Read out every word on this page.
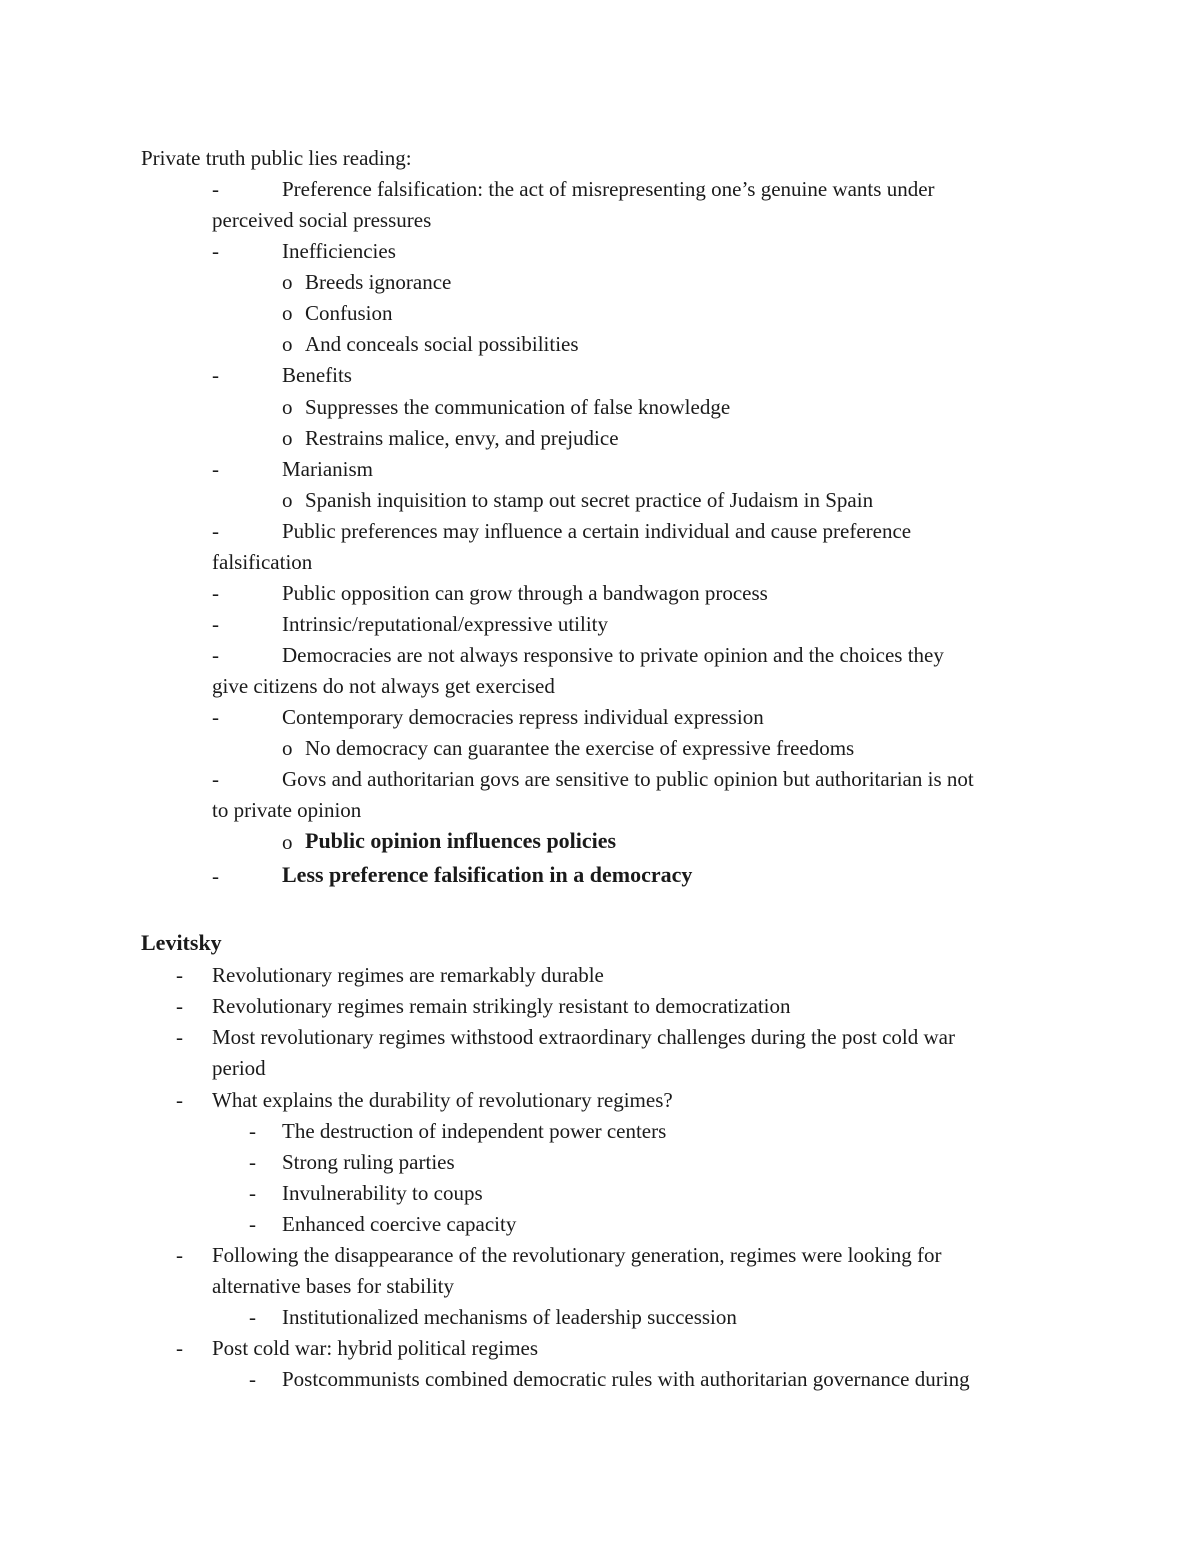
Private truth public lies reading:
-	Preference falsification: the act of misrepresenting one’s genuine wants under
perceived social pressures
-	Inefficiencies
o Breeds ignorance
o Confusion
o And conceals social possibilities
-	Benefits
o Suppresses the communication of false knowledge
o Restrains malice, envy, and prejudice
-	Marianism
o Spanish inquisition to stamp out secret practice of Judaism in Spain
-	Public preferences may influence a certain individual and cause preference
falsification
-	Public opposition can grow through a bandwagon process
-	Intrinsic/reputational/expressive utility
-	Democracies are not always responsive to private opinion and the choices they
give citizens do not always get exercised
-	Contemporary democracies repress individual expression
o No democracy can guarantee the exercise of expressive freedoms
-	Govs and authoritarian govs are sensitive to public opinion but authoritarian is not
to private opinion
o Public opinion influences policies
-	Less preference falsification in a democracy
Levitsky
- Revolutionary regimes are remarkably durable
- Revolutionary regimes remain strikingly resistant to democratization
- Most revolutionary regimes withstood extraordinary challenges during the post cold war
period
- What explains the durability of revolutionary regimes?
- The destruction of independent power centers
- Strong ruling parties
- Invulnerability to coups
- Enhanced coercive capacity
- Following the disappearance of the revolutionary generation, regimes were looking for
alternative bases for stability
- Institutionalized mechanisms of leadership succession
- Post cold war: hybrid political regimes
- Postcommunists combined democratic rules with authoritarian governance during
